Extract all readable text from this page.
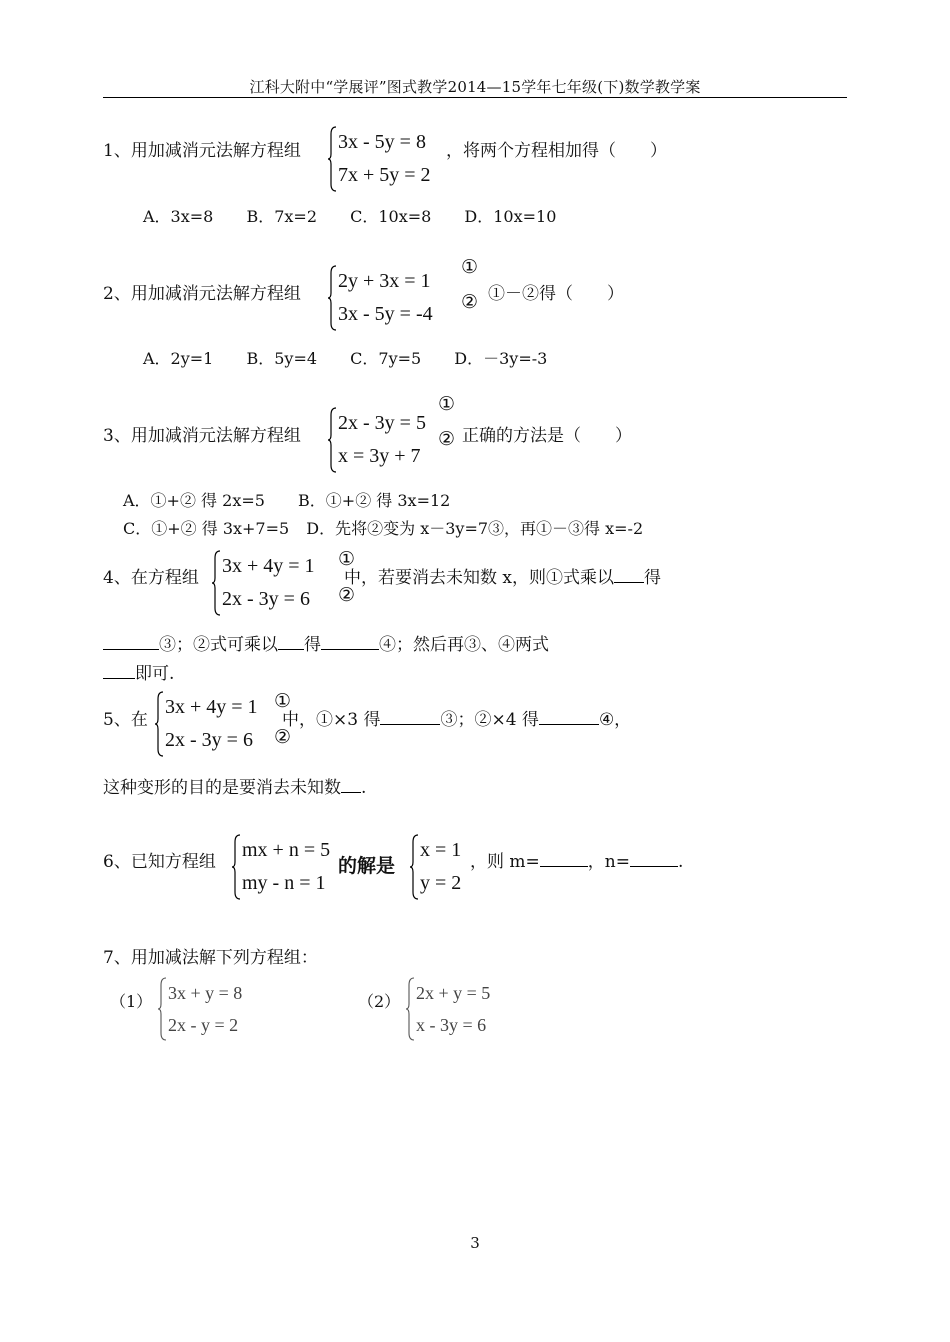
江科大附中“学展评”图式教学2014—15学年七年级(下)数学教学案
1、用加减消元法解方程组 3x - 5y = 8
7x + 5y = 2
，将两个方程相加得（　　）
A．3x=8 B．7x=2 C．10x=8 D．10x=10
2、用加减消元法解方程组
2y + 3x = 1
3x - 5y = -4
①
② ①－②得（　　）
A．2y=1 B．5y=4 C．7y=5 D．－3y=-3
3、用加减消元法解方程组
2x - 3y = 5
x = 3y + 7
①
② 正确的方法是（　　）
A．①+② 得 2x=5 B．①+② 得 3x=12
C．①+② 得 3x+7=5 D．先将②变为 x－3y=7③，再①－③得 x=-2
4、在方程组
3x + 4y = 1
2x - 3y = 6
①
②
中，若要消去未知数 x，则①式乘以 得
③；②式可乘以 得	④；然后再③、④两式
即可.
5、在
3x + 4y = 1
2x - 3y = 6
①
②
中，①×3 得	③；②×4 得	④，
这种变形的目的是要消去未知数 .
6、已知方程组
mx + n = 5
my - n = 1
的解是
x = 1
y = 2
，则 m=	，n=	.
7、用加减法解下列方程组：
（1） 3x + y = 8
2x - y = 2
（2） 2x + y = 5
x - 3y = 6
3
